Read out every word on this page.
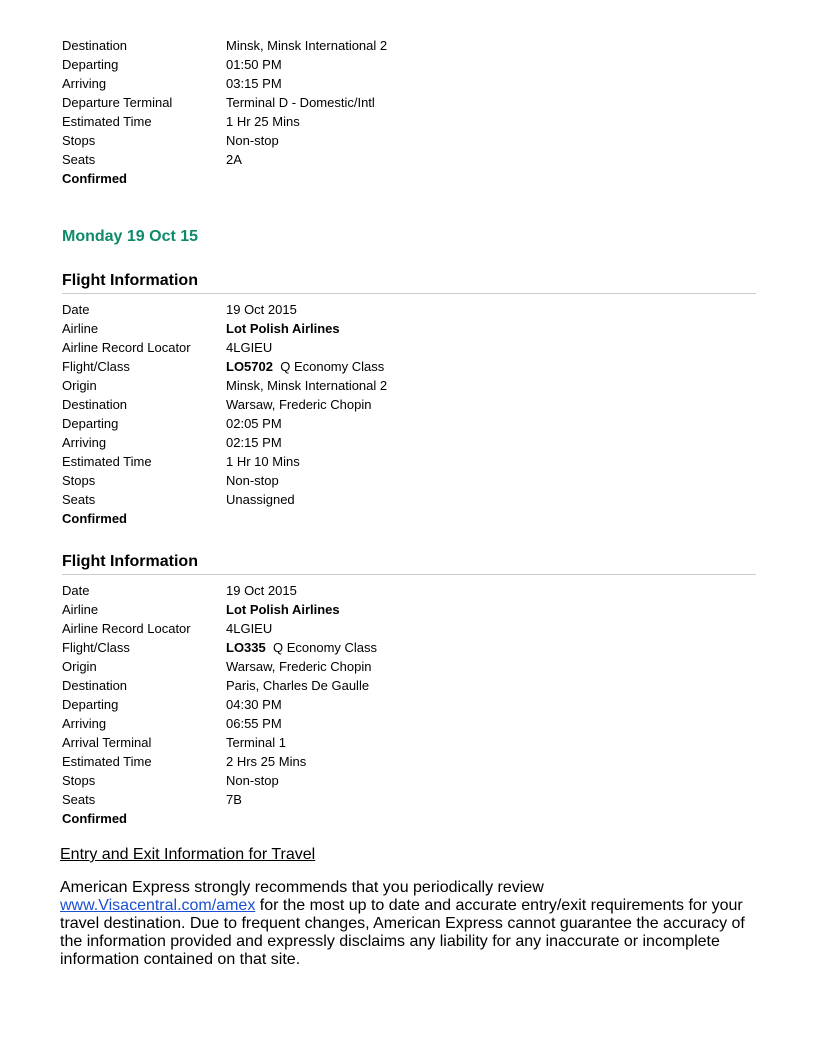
Destination	Minsk, Minsk International 2
Departing	01:50 PM
Arriving	03:15 PM
Departure Terminal	Terminal D - Domestic/Intl
Estimated Time	1 Hr 25 Mins
Stops	Non-stop
Seats	2A
Confirmed
Monday 19 Oct 15
Flight Information
Date	19 Oct 2015
Airline	Lot Polish Airlines
Airline Record Locator	4LGIEU
Flight/Class	LO5702 Q Economy Class
Origin	Minsk, Minsk International 2
Destination	Warsaw, Frederic Chopin
Departing	02:05 PM
Arriving	02:15 PM
Estimated Time	1 Hr 10 Mins
Stops	Non-stop
Seats	Unassigned
Confirmed
Flight Information
Date	19 Oct 2015
Airline	Lot Polish Airlines
Airline Record Locator	4LGIEU
Flight/Class	LO335 Q Economy Class
Origin	Warsaw, Frederic Chopin
Destination	Paris, Charles De Gaulle
Departing	04:30 PM
Arriving	06:55 PM
Arrival Terminal	Terminal 1
Estimated Time	2 Hrs 25 Mins
Stops	Non-stop
Seats	7B
Confirmed
Entry and Exit Information for Travel

American Express strongly recommends that you periodically review
www.Visacentral.com/amex for the most up to date and accurate entry/exit requirements for your travel destination. Due to frequent changes, American Express cannot guarantee the accuracy of the information provided and expressly disclaims any liability for any inaccurate or incomplete information contained on that site.
